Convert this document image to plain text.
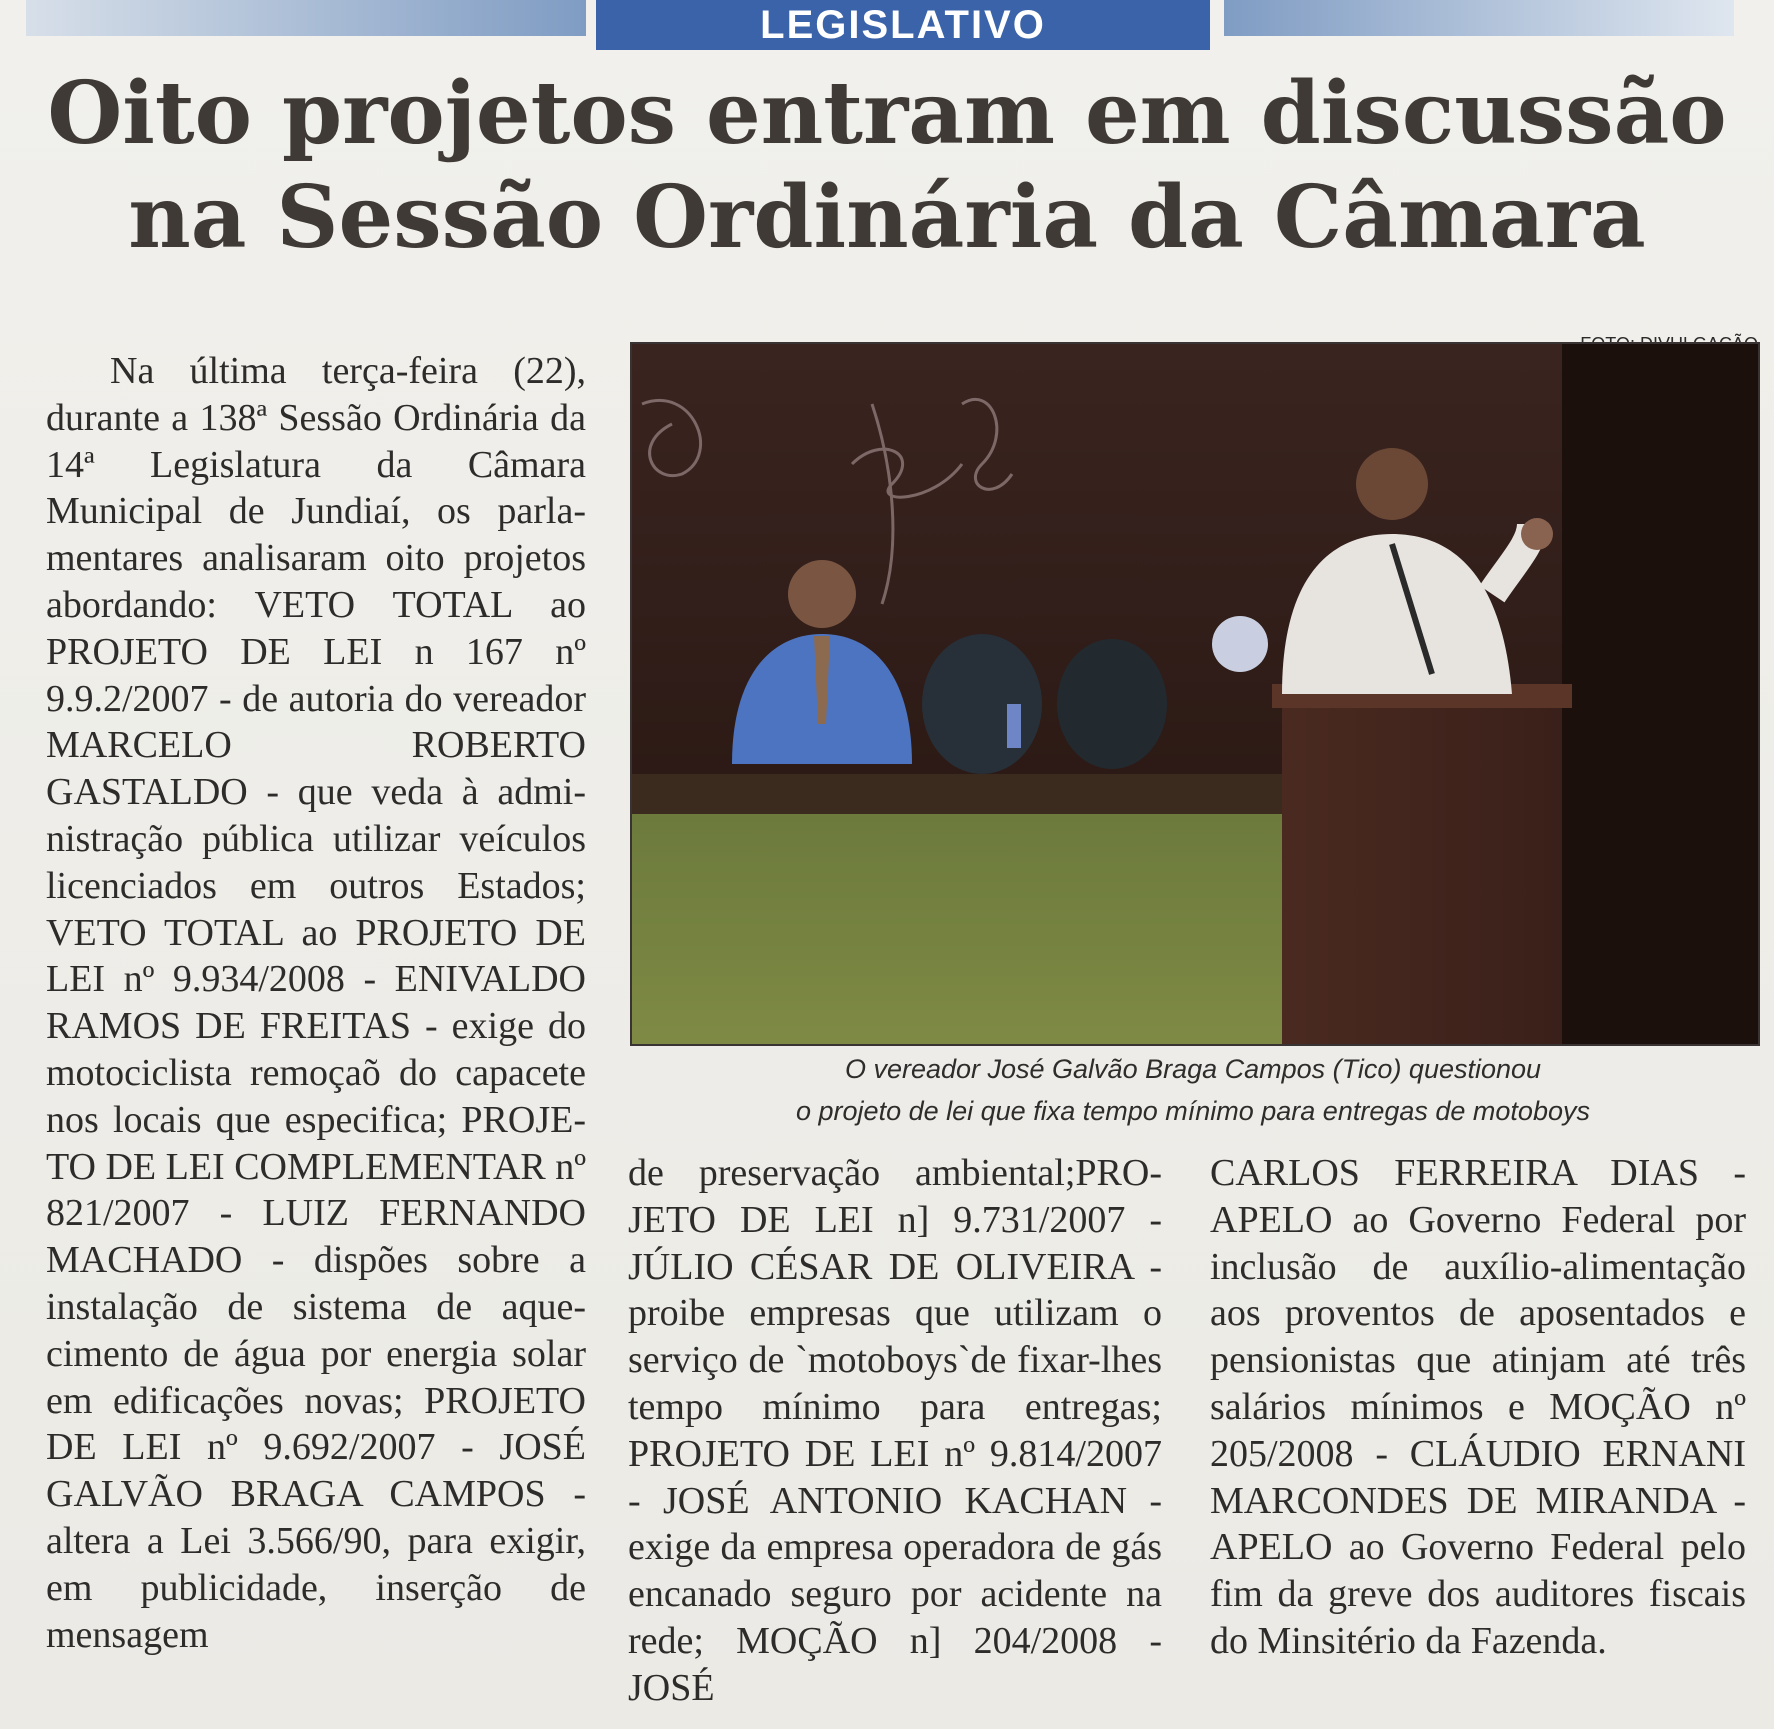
LEGISLATIVO
Oito projetos entram em discussão
na Sessão Ordinária da Câmara

Na última terça-feira (22), durante a 138ª Sessão Ordinária da 14ª Legislatura da Câmara Municipal de Jundiaí, os parlamentares analisaram oito projetos abordando: VETO TOTAL ao PROJETO DE LEI n 167 nº 9.9.2/2007 - de autoria do vereador MARCELO ROBERTO GASTALDO - que veda à administração pública utilizar veículos licenciados em outros Estados; VETO TOTAL ao PROJETO DE LEI nº 9.934/2008 - ENIVALDO RAMOS DE FREITAS - exige do motociclista remoçaõ do capacete nos locais que especifica; PROJETO DE LEI COMPLEMENTAR nº 821/2007 - LUIZ FERNANDO MACHADO - dispões sobre a instalação de sistema de aquecimento de água por energia solar em edificações novas; PROJETO DE LEI nº 9.692/2007 - JOSÉ GALVÃO BRAGA CAMPOS - altera a Lei 3.566/90, para exigir, em publicidade, inserção de mensagem

O vereador José Galvão Braga Campos (Tico) questionou
o projeto de lei que fixa tempo mínimo para entregas de motoboys

de preservação ambiental;PROJETO DE LEI n] 9.731/2007 - JÚLIO CÉSAR DE OLIVEIRA - proibe empresas que utilizam o serviço de `motoboys`de fixar-lhes tempo mínimo para entregas; PROJETO DE LEI nº 9.814/2007 - JOSÉ ANTONIO KACHAN - exige da empresa operadora de gás encanado seguro por acidente na rede; MOÇÃO n] 204/2008 - JOSÉ

CARLOS FERREIRA DIAS - APELO ao Governo Federal por inclusão de auxílio-alimentação aos proventos de aposentados e pensionistas que atinjam até três salários mínimos e MOÇÃO nº 205/2008 - CLÁUDIO ERNANI MARCONDES DE MIRANDA - APELO ao Governo Federal pelo fim da greve dos auditores fiscais do Minsitério da Fazenda.
